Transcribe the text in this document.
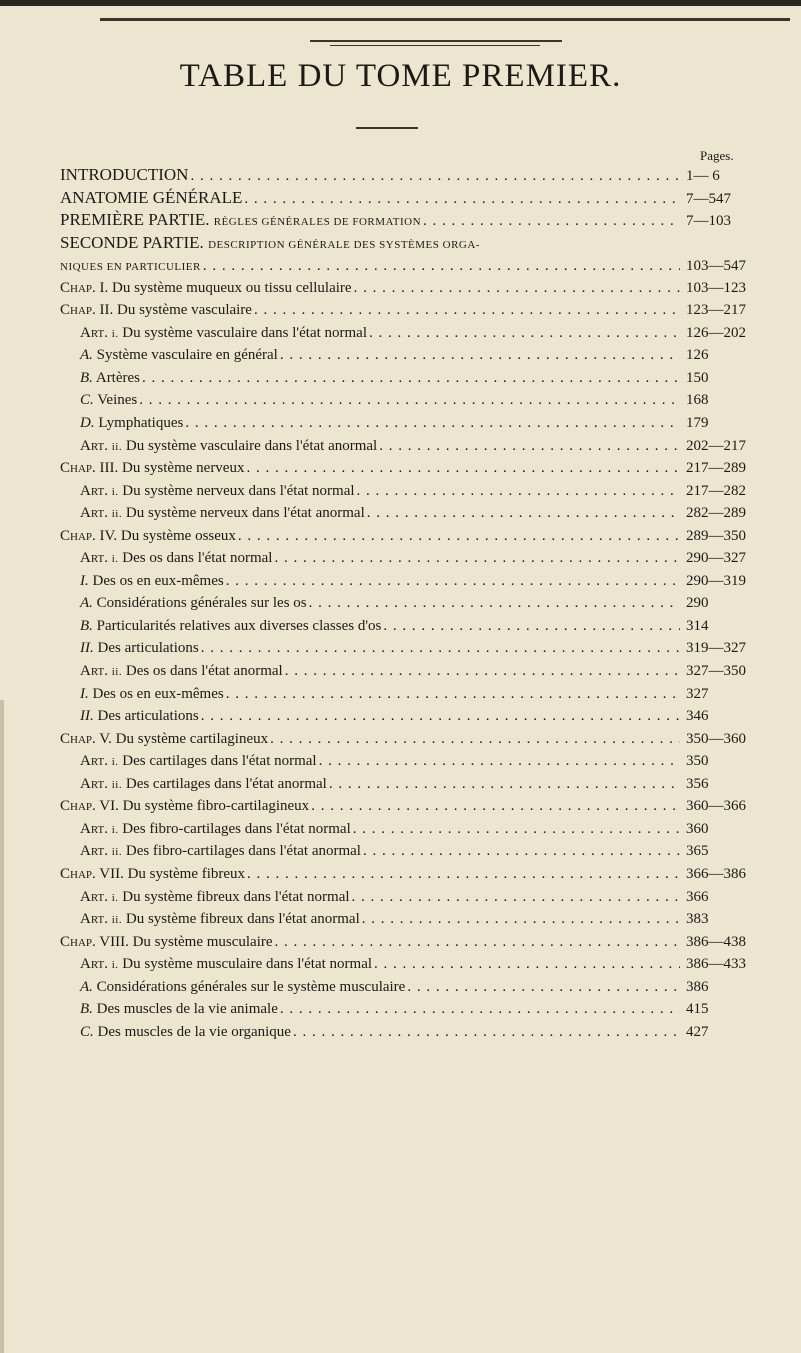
TABLE DU TOME PREMIER.
Pages.
INTRODUCTION . . .	1— 6
ANATOMIE GÉNÉRALE . . .	7—547
PREMIÈRE PARTIE. RÈGLES GÉNÉRALES DE FORMATION . . .	7—103
SECONDE PARTIE. DESCRIPTION GÉNÉRALE DES SYSTÈMES ORGA-
NIQUES EN PARTICULIER . . .	103—547
Chap. I. Du système muqueux ou tissu cellulaire . . .	103—123
Chap. II. Du système vasculaire . . .	123—217
Art. i. Du système vasculaire dans l'état normal . . .	126—202
A. Système vasculaire en général . . .	126
B. Artères . . .	150
C. Veines . . .	168
D. Lymphatiques . . .	179
Art. ii. Du système vasculaire dans l'état anormal . . .	202—217
Chap. III. Du système nerveux . . .	217—289
Art. i. Du système nerveux dans l'état normal . . .	217—282
Art. ii. Du système nerveux dans l'état anormal . . .	282—289
Chap. IV. Du système osseux . . .	289—350
Art. i. Des os dans l'état normal . . .	290—327
I. Des os en eux-mêmes . . .	290—319
A. Considérations générales sur les os . . .	290
B. Particularités relatives aux diverses classes d'os . . .	314
II. Des articulations . . .	319—327
Art. ii. Des os dans l'état anormal . . .	327—350
I. Des os en eux-mêmes . . .	327
II. Des articulations . . .	346
Chap. V. Du système cartilagineux . . .	350—360
Art. i. Des cartilages dans l'état normal . . .	350
Art. ii. Des cartilages dans l'état anormal . . .	356
Chap. VI. Du système fibro-cartilagineux . . .	360—366
Art. i. Des fibro-cartilages dans l'état normal . . .	360
Art. ii. Des fibro-cartilages dans l'état anormal . . .	365
Chap. VII. Du système fibreux . . .	366—386
Art. i. Du système fibreux dans l'état normal . . .	366
Art. ii. Du système fibreux dans l'état anormal . . .	383
Chap. VIII. Du système musculaire . . .	386—438
Art. i. Du système musculaire dans l'état normal . . .	386—433
A. Considérations générales sur le système musculaire . . .	386
B. Des muscles de la vie animale . . .	415
C. Des muscles de la vie organique . . .	427
